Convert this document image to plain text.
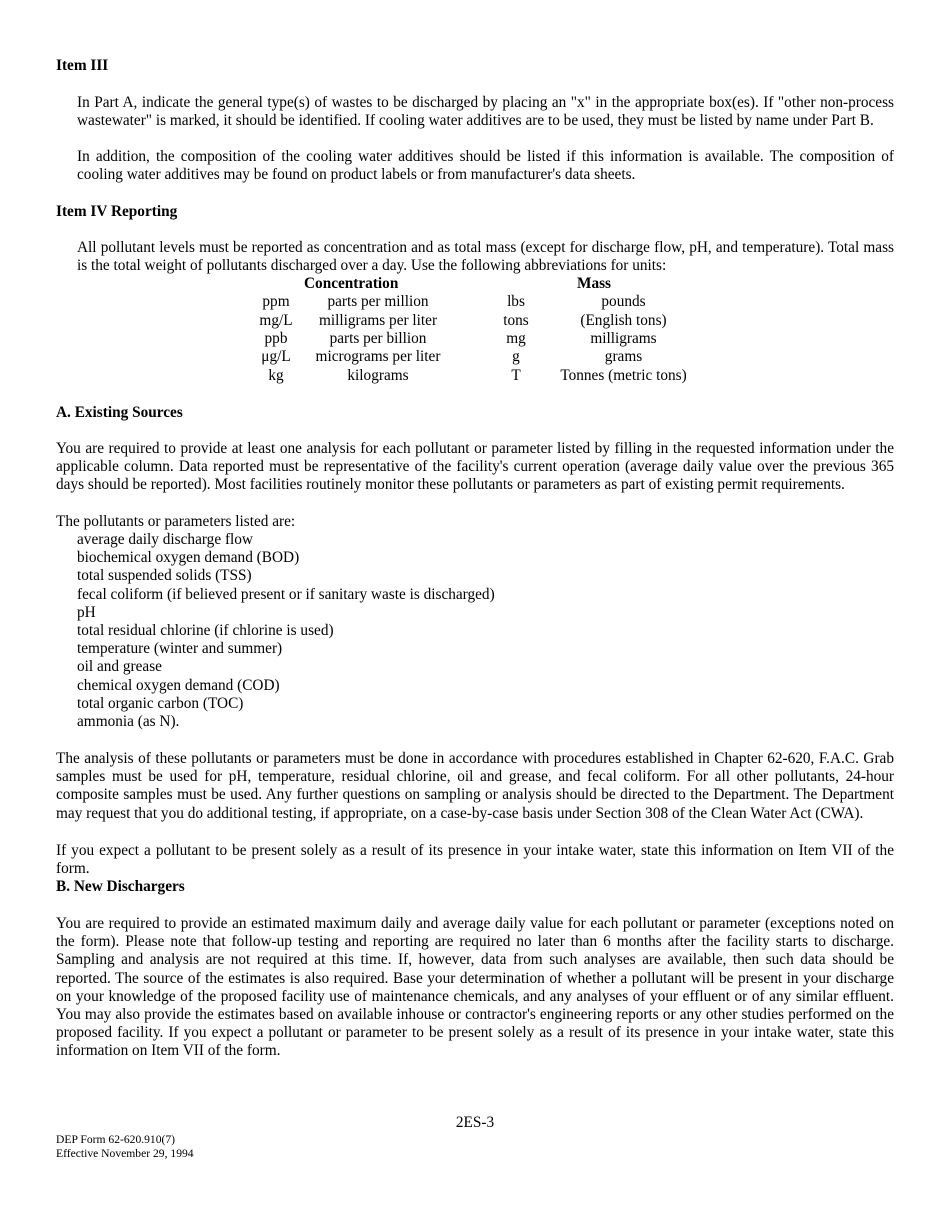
Item III
In Part A, indicate the general type(s) of wastes to be discharged by placing an "x" in the appropriate box(es). If "other non-process wastewater" is marked, it should be identified. If cooling water additives are to be used, they must be listed by name under Part B.
In addition, the composition of the cooling water additives should be listed if this information is available. The composition of cooling water additives may be found on product labels or from manufacturer's data sheets.
Item IV Reporting
All pollutant levels must be reported as concentration and as total mass (except for discharge flow, pH, and temperature). Total mass is the total weight of pollutants discharged over a day. Use the following abbreviations for units:
Concentration	Mass
ppm	parts per million	lbs	pounds
mg/L	milligrams per liter	tons	(English tons)
ppb	parts per billion	mg	milligrams
μg/L	micrograms per liter	g	grams
kg	kilograms	T	Tonnes (metric tons)
A. Existing Sources
You are required to provide at least one analysis for each pollutant or parameter listed by filling in the requested information under the applicable column. Data reported must be representative of the facility's current operation (average daily value over the previous 365 days should be reported). Most facilities routinely monitor these pollutants or parameters as part of existing permit requirements.
The pollutants or parameters listed are:
average daily discharge flow
biochemical oxygen demand (BOD)
total suspended solids (TSS)
fecal coliform (if believed present or if sanitary waste is discharged)
pH
total residual chlorine (if chlorine is used)
temperature (winter and summer)
oil and grease
chemical oxygen demand (COD)
total organic carbon (TOC)
ammonia (as N).
The analysis of these pollutants or parameters must be done in accordance with procedures established in Chapter 62-620, F.A.C. Grab samples must be used for pH, temperature, residual chlorine, oil and grease, and fecal coliform. For all other pollutants, 24-hour composite samples must be used. Any further questions on sampling or analysis should be directed to the Department. The Department may request that you do additional testing, if appropriate, on a case-by-case basis under Section 308 of the Clean Water Act (CWA).
If you expect a pollutant to be present solely as a result of its presence in your intake water, state this information on Item VII of the form.
B. New Dischargers
You are required to provide an estimated maximum daily and average daily value for each pollutant or parameter (exceptions noted on the form). Please note that follow-up testing and reporting are required no later than 6 months after the facility starts to discharge. Sampling and analysis are not required at this time. If, however, data from such analyses are available, then such data should be reported. The source of the estimates is also required. Base your determination of whether a pollutant will be present in your discharge on your knowledge of the proposed facility use of maintenance chemicals, and any analyses of your effluent or of any similar effluent. You may also provide the estimates based on available inhouse or contractor's engineering reports or any other studies performed on the proposed facility. If you expect a pollutant or parameter to be present solely as a result of its presence in your intake water, state this information on Item VII of the form.
2ES-3
DEP Form 62-620.910(7)
Effective November 29, 1994
